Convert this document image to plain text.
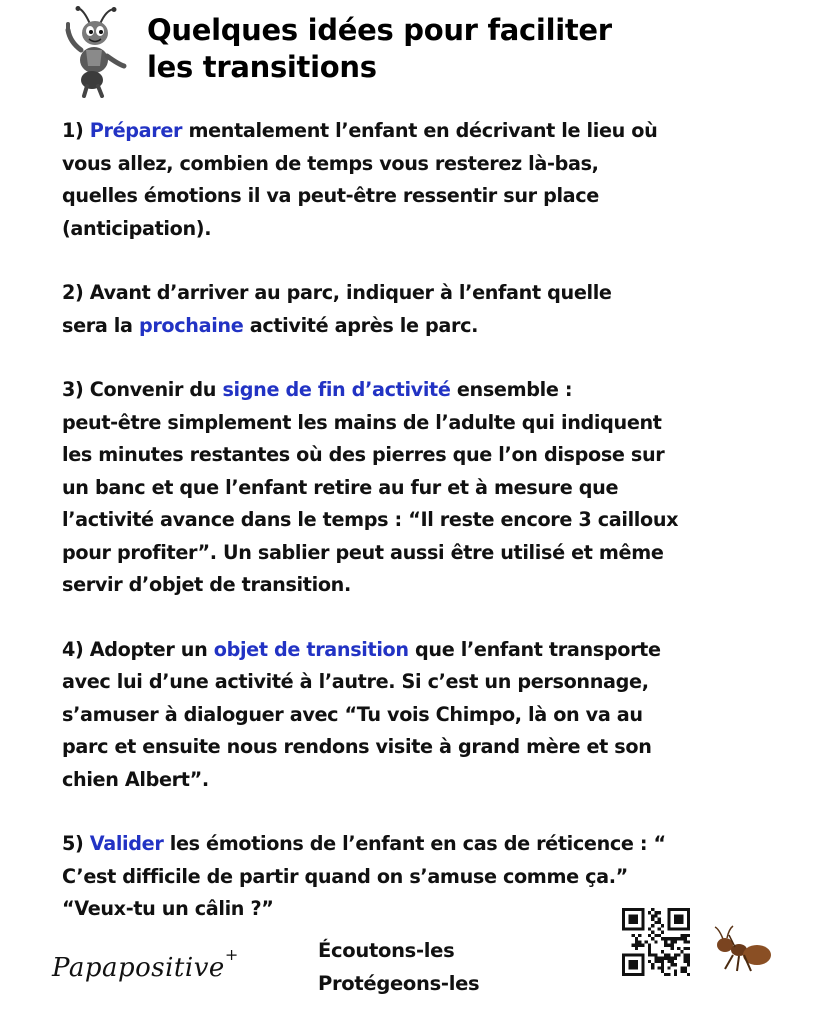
Quelques idées pour faciliter
les transitions

1) Préparer mentalement l’enfant en décrivant le lieu où
vous allez, combien de temps vous resterez là-bas,
quelles émotions il va peut-être ressentir sur place
(anticipation).

2) Avant d’arriver au parc, indiquer à l’enfant quelle
sera la prochaine activité après le parc.

3) Convenir du signe de fin d’activité ensemble :
peut-être simplement les mains de l’adulte qui indiquent
les minutes restantes où des pierres que l’on dispose sur
un banc et que l’enfant retire au fur et à mesure que
l’activité avance dans le temps : “Il reste encore 3 cailloux
pour profiter”. Un sablier peut aussi être utilisé et même
servir d’objet de transition.

4) Adopter un objet de transition que l’enfant transporte
avec lui d’une activité à l’autre. Si c’est un personnage,
s’amuser à dialoguer avec “Tu vois Chimpo, là on va au
parc et ensuite nous rendons visite à grand mère et son
chien Albert”.

5) Valider les émotions de l’enfant en cas de réticence : “
C’est difficile de partir quand on s’amuse comme ça.”
“Veux-tu un câlin ?”

Papapositive +	Écoutons-les
Protégeons-les
